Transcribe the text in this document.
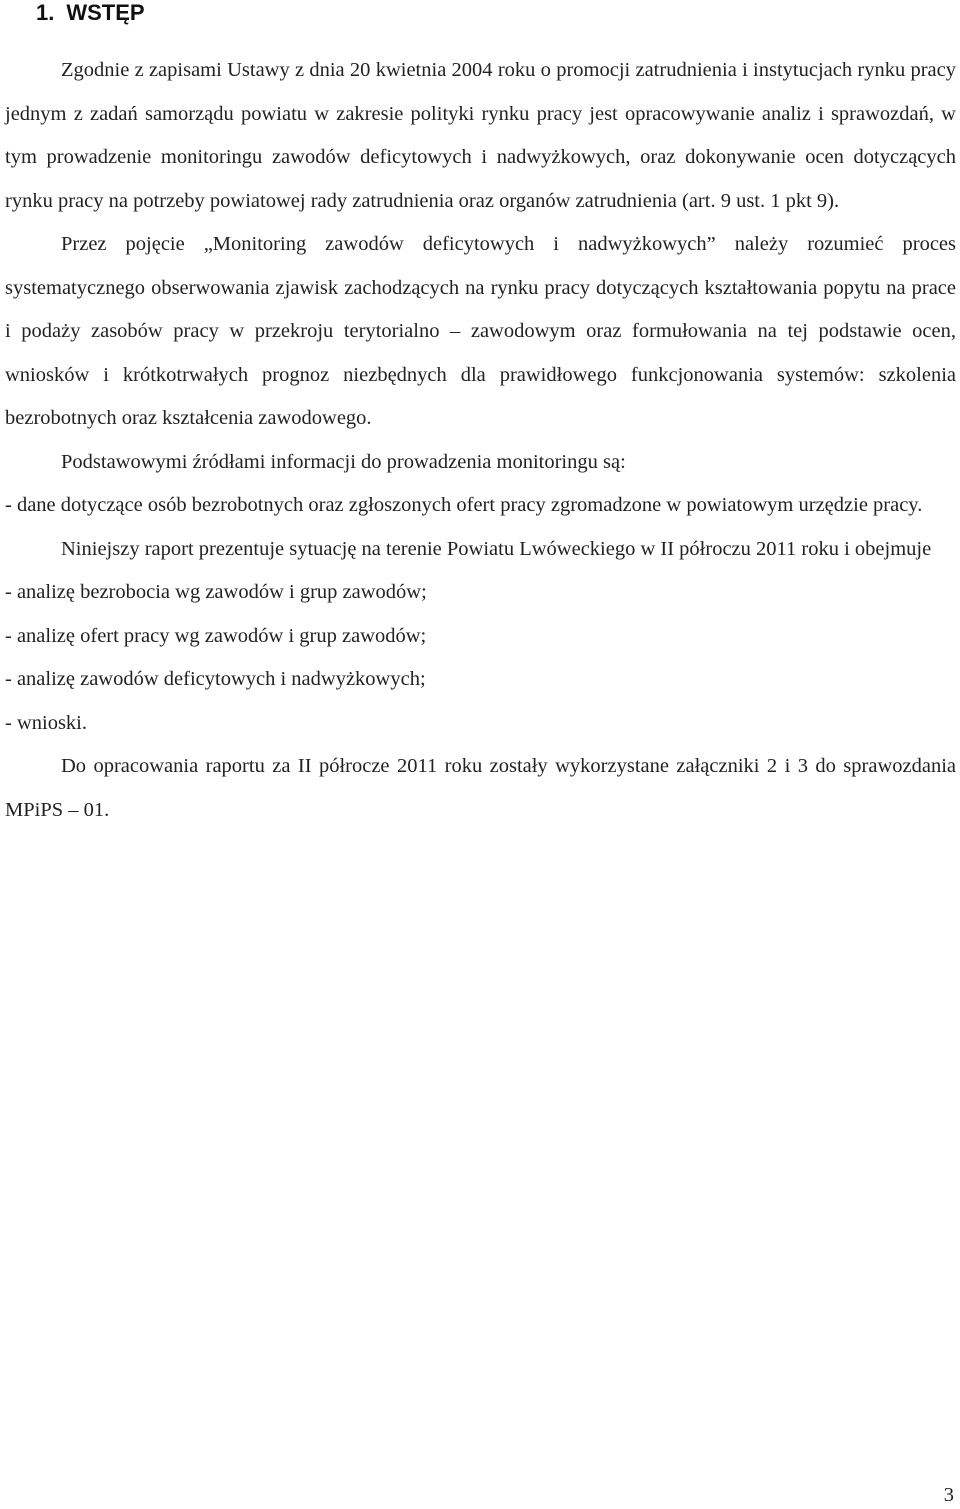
1. WSTĘP

Zgodnie z zapisami Ustawy z dnia 20 kwietnia 2004 roku o promocji zatrudnienia i instytucjach rynku pracy jednym z zadań samorządu powiatu w zakresie polityki rynku pracy jest opracowywanie analiz i sprawozdań, w tym prowadzenie monitoringu zawodów deficytowych i nadwyżkowych, oraz dokonywanie ocen dotyczących rynku pracy na potrzeby powiatowej rady zatrudnienia oraz organów zatrudnienia (art. 9 ust. 1 pkt 9).

Przez pojęcie „Monitoring zawodów deficytowych i nadwyżkowych” należy rozumieć proces systematycznego obserwowania zjawisk zachodzących na rynku pracy dotyczących kształtowania popytu na prace i podaży zasobów pracy w przekroju terytorialno – zawodowym oraz formułowania na tej podstawie ocen, wniosków i krótkotrwałych prognoz niezbędnych dla prawidłowego funkcjonowania systemów: szkolenia bezrobotnych oraz kształcenia zawodowego.

Podstawowymi źródłami informacji do prowadzenia monitoringu są:

- dane dotyczące osób bezrobotnych oraz zgłoszonych ofert pracy zgromadzone w powiatowym urzędzie pracy.

Niniejszy raport prezentuje sytuację na terenie Powiatu Lwóweckiego w II półroczu 2011 roku i obejmuje

- analizę bezrobocia wg zawodów i grup zawodów;

- analizę ofert pracy wg zawodów i grup zawodów;

- analizę zawodów deficytowych i nadwyżkowych;

- wnioski.

Do opracowania raportu za II półrocze 2011 roku zostały wykorzystane załączniki 2 i 3 do sprawozdania MPiPS – 01.

3
